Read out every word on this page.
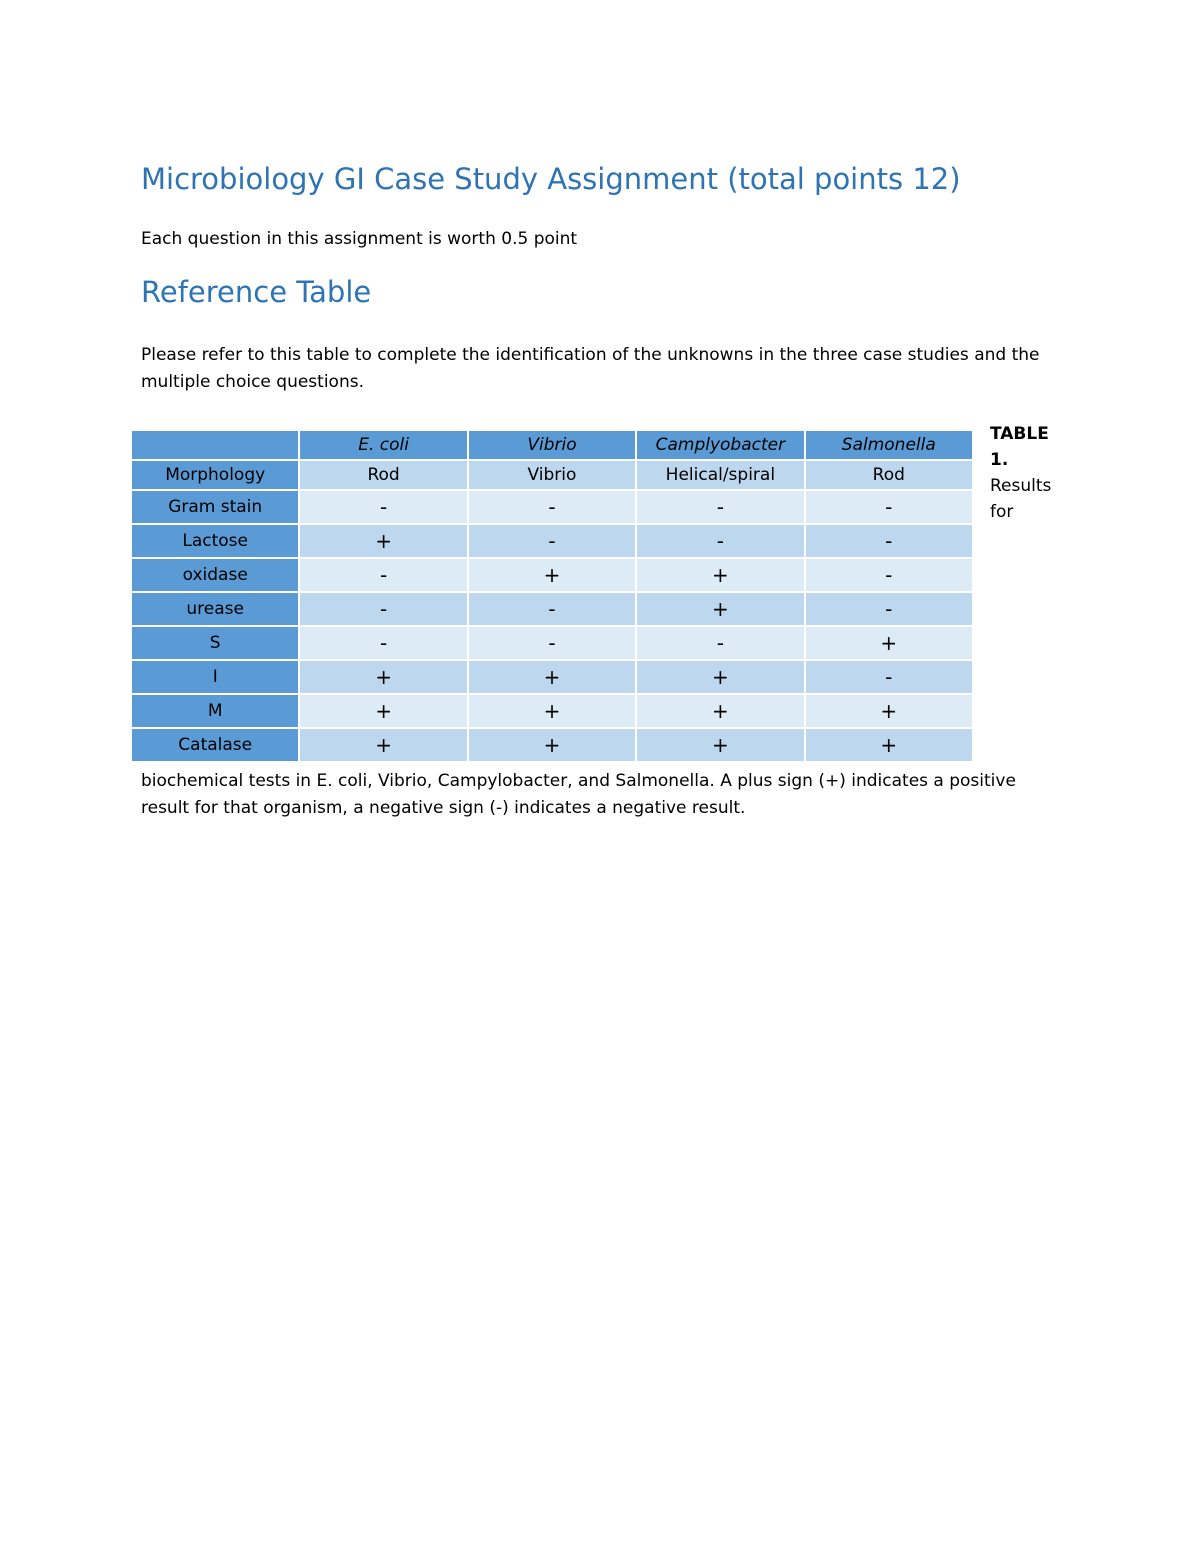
Microbiology GI Case Study Assignment (total points 12)

Each question in this assignment is worth 0.5 point

Reference Table

Please refer to this table to complete the identification of the unknowns in the three case studies and the multiple choice questions.

	E. coli	Vibrio	Camplyobacter	Salmonella
Morphology	Rod	Vibrio	Helical/spiral	Rod
Gram stain	-	-	-	-
Lactose	+	-	-	-
oxidase	-	+	+	-
urease	-	-	+	-
S	-	-	-	+
I	+	+	+	-
M	+	+	+	+
Catalase	+	+	+	+
TABLE
1.
Results
for

biochemical tests in E. coli, Vibrio, Campylobacter, and Salmonella. A plus sign (+) indicates a positive result for that organism, a negative sign (-) indicates a negative result.
